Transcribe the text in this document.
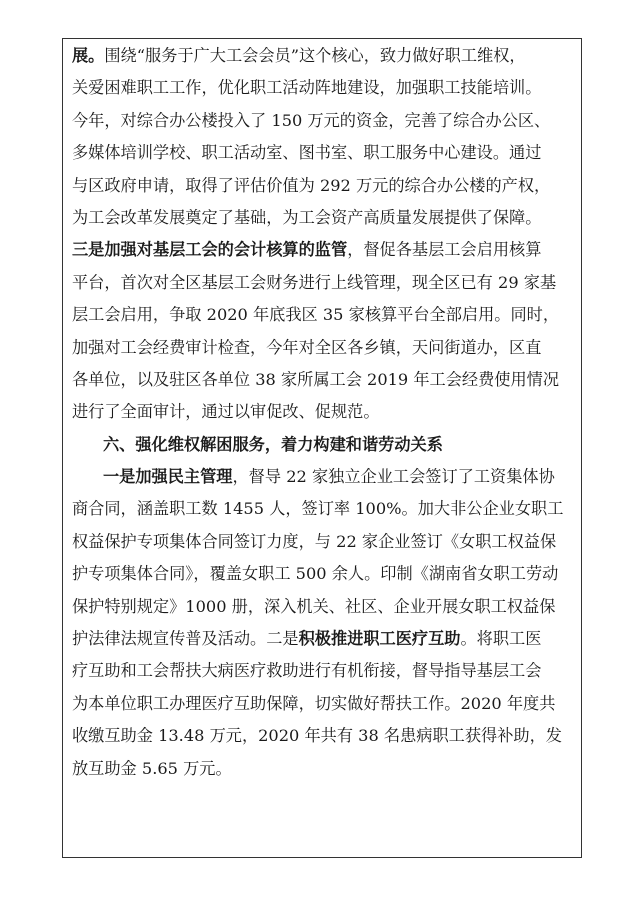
展。围绕“服务于广大工会会员”这个核心，致力做好职工维权，
关爱困难职工工作，优化职工活动阵地建设，加强职工技能培训。
今年，对综合办公楼投入了 150 万元的资金，完善了综合办公区、
多媒体培训学校、职工活动室、图书室、职工服务中心建设。通过
与区政府申请，取得了评估价值为 292 万元的综合办公楼的产权，
为工会改革发展奠定了基础，为工会资产高质量发展提供了保障。
三是加强对基层工会的会计核算的监管，督促各基层工会启用核算
平台，首次对全区基层工会财务进行上线管理，现全区已有 29 家基
层工会启用，争取 2020 年底我区 35 家核算平台全部启用。同时，
加强对工会经费审计检查，今年对全区各乡镇，天问街道办，区直
各单位，以及驻区各单位 38 家所属工会 2019 年工会经费使用情况
进行了全面审计，通过以审促改、促规范。
六、强化维权解困服务，着力构建和谐劳动关系
一是加强民主管理，督导 22 家独立企业工会签订了工资集体协
商合同，涵盖职工数 1455 人，签订率 100%。加大非公企业女职工
权益保护专项集体合同签订力度，与 22 家企业签订《女职工权益保
护专项集体合同》，覆盖女职工 500 余人。印制《湖南省女职工劳动
保护特别规定》1000 册，深入机关、社区、企业开展女职工权益保
护法律法规宣传普及活动。二是积极推进职工医疗互助。将职工医
疗互助和工会帮扶大病医疗救助进行有机衔接，督导指导基层工会
为本单位职工办理医疗互助保障，切实做好帮扶工作。2020 年度共
收缴互助金 13.48 万元，2020 年共有 38 名患病职工获得补助，发
放互助金 5.65 万元。
